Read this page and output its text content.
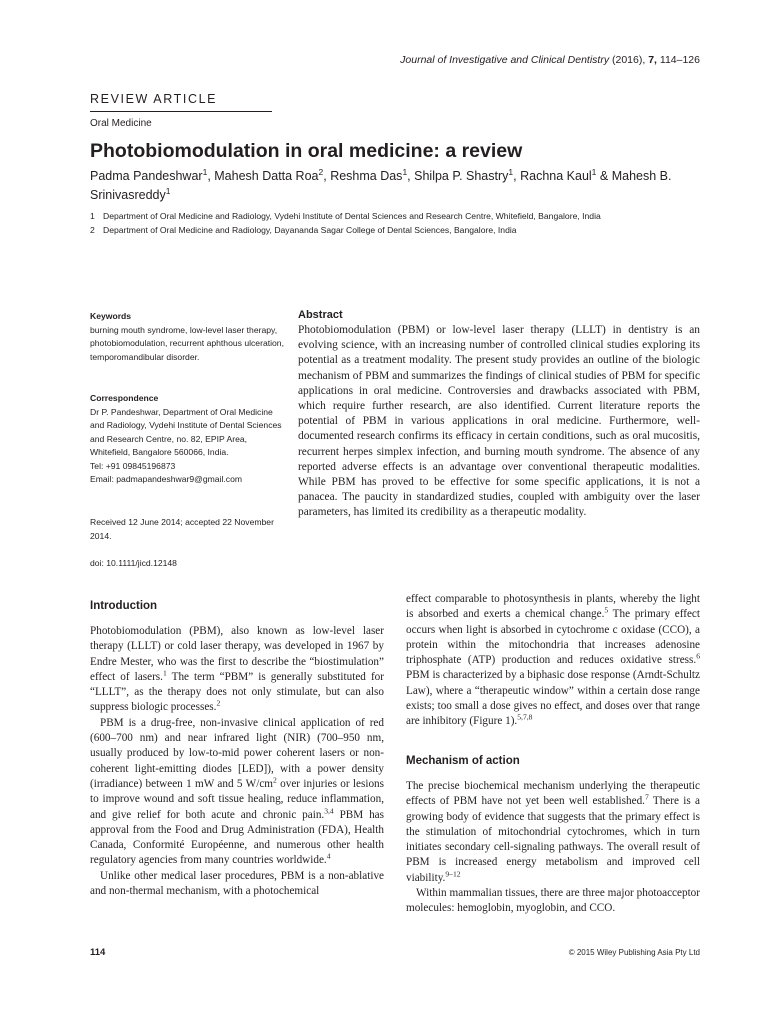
Journal of Investigative and Clinical Dentistry (2016), 7, 114–126
REVIEW ARTICLE
Oral Medicine
Photobiomodulation in oral medicine: a review
Padma Pandeshwar$^1$, Mahesh Datta Roa$^2$, Reshma Das$^1$, Shilpa P. Shastry$^1$, Rachna Kaul$^1$ & Mahesh B. Srinivasreddy$^1$
1 Department of Oral Medicine and Radiology, Vydehi Institute of Dental Sciences and Research Centre, Whitefield, Bangalore, India
2 Department of Oral Medicine and Radiology, Dayananda Sagar College of Dental Sciences, Bangalore, India
Keywords
burning mouth syndrome, low-level laser therapy, photobiomodulation, recurrent aphthous ulceration, temporomandibular disorder.
Correspondence
Dr P. Pandeshwar, Department of Oral Medicine and Radiology, Vydehi Institute of Dental Sciences and Research Centre, no. 82, EPIP Area, Whitefield, Bangalore 560066, India.
Tel: +91 09845196873
Email: padmapandeshwar9@gmail.com
Received 12 June 2014; accepted 22 November 2014.
doi: 10.1111/jicd.12148
Abstract
Photobiomodulation (PBM) or low-level laser therapy (LLLT) in dentistry is an evolving science, with an increasing number of controlled clinical studies exploring its potential as a treatment modality. The present study provides an outline of the biologic mechanism of PBM and summarizes the findings of clinical studies of PBM for specific applications in oral medicine. Controversies and drawbacks associated with PBM, which require further research, are also identified. Current literature reports the potential of PBM in various applications in oral medicine. Furthermore, well-documented research confirms its efficacy in certain conditions, such as oral mucositis, recurrent herpes simplex infection, and burning mouth syndrome. The absence of any reported adverse effects is an advantage over conventional therapeutic modalities. While PBM has proved to be effective for some specific applications, it is not a panacea. The paucity in standardized studies, coupled with ambiguity over the laser parameters, has limited its credibility as a therapeutic modality.
Introduction

Photobiomodulation (PBM), also known as low-level laser therapy (LLLT) or cold laser therapy, was developed in 1967 by Endre Mester, who was the first to describe the “biostimulation” effect of lasers.$^1$ The term “PBM” is generally substituted for “LLLT”, as the therapy does not only stimulate, but can also suppress biologic processes.$^2$

PBM is a drug-free, non-invasive clinical application of red (600–700 nm) and near infrared light (NIR) (700–950 nm, usually produced by low-to-mid power coherent lasers or non-coherent light-emitting diodes [LED]), with a power density (irradiance) between 1 mW and 5 $W/cm^2$ over injuries or lesions to improve wound and soft tissue healing, reduce inflammation, and give relief for both acute and chronic pain.$^{3,4}$ PBM has approval from the Food and Drug Administration (FDA), Health Canada, Conformité Européenne, and numerous other health regulatory agencies from many countries worldwide.$^4$

Unlike other medical laser procedures, PBM is a non-ablative and non-thermal mechanism, with a photochemical

effect comparable to photosynthesis in plants, whereby the light is absorbed and exerts a chemical change.$^5$ The primary effect occurs when light is absorbed in cytochrome c oxidase (CCO), a protein within the mitochondria that increases adenosine triphosphate (ATP) production and reduces oxidative stress.$^6$ PBM is characterized by a biphasic dose response (Arndt-Schultz Law), where a “therapeutic window” within a certain dose range exists; too small a dose gives no effect, and doses over that range are inhibitory (Figure 1).$^{5,7,8}$

Mechanism of action

The precise biochemical mechanism underlying the therapeutic effects of PBM have not yet been well established.$^7$ There is a growing body of evidence that suggests that the primary effect is the stimulation of mitochondrial cytochromes, which in turn initiates secondary cell-signaling pathways. The overall result of PBM is increased energy metabolism and improved cell viability.$^{9-12}$

Within mammalian tissues, there are three major photoacceptor molecules: hemoglobin, myoglobin, and CCO.

114	© 2015 Wiley Publishing Asia Pty Ltd
